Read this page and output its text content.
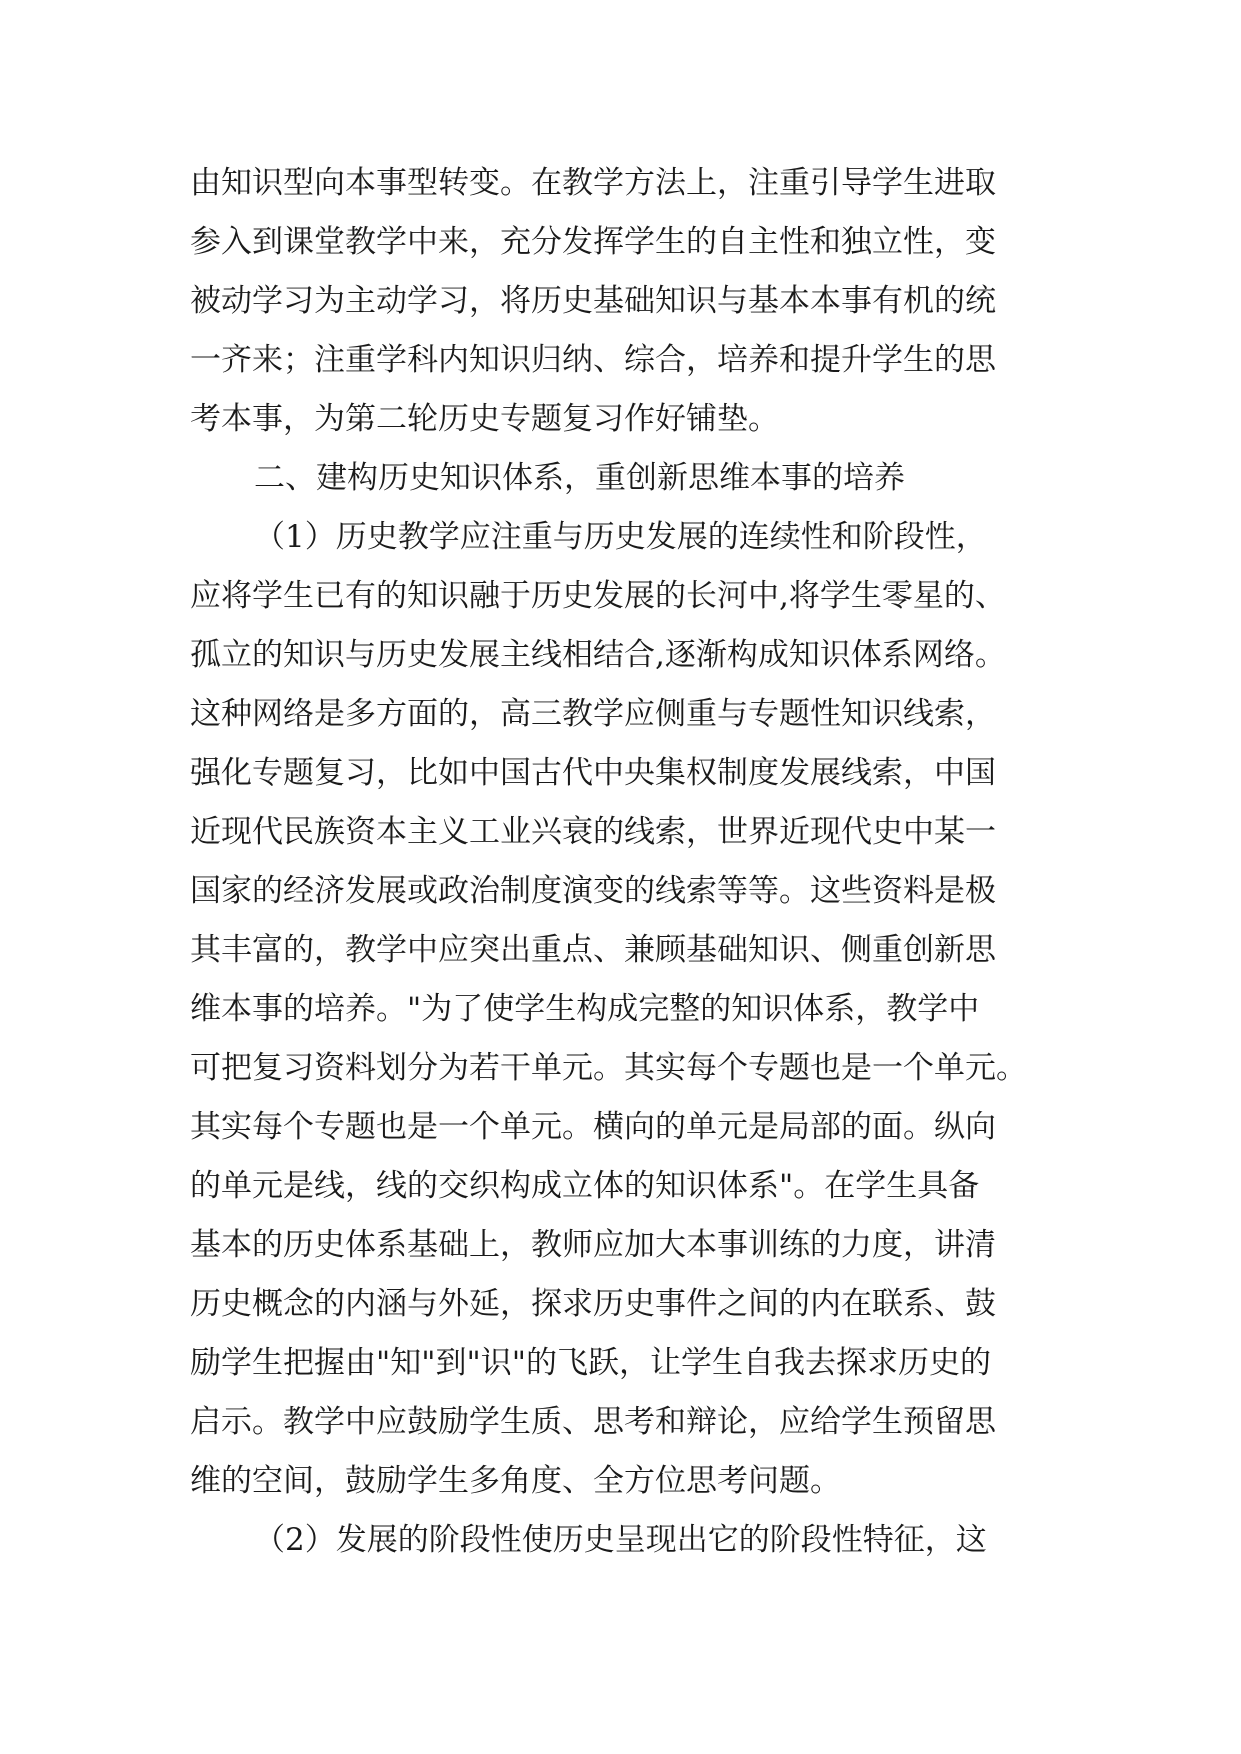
由知识型向本事型转变。在教学方法上，注重引导学生进取
参入到课堂教学中来，充分发挥学生的自主性和独立性，变
被动学习为主动学习，将历史基础知识与基本本事有机的统
一齐来；注重学科内知识归纳、综合，培养和提升学生的思
考本事，为第二轮历史专题复习作好铺垫。
二、建构历史知识体系，重创新思维本事的培养
（1）历史教学应注重与历史发展的连续性和阶段性，
应将学生已有的知识融于历史发展的长河中,将学生零星的、
孤立的知识与历史发展主线相结合,逐渐构成知识体系网络。
这种网络是多方面的，高三教学应侧重与专题性知识线索，
强化专题复习，比如中国古代中央集权制度发展线索，中国
近现代民族资本主义工业兴衰的线索，世界近现代史中某一
国家的经济发展或政治制度演变的线索等等。这些资料是极
其丰富的，教学中应突出重点、兼顾基础知识、侧重创新思
维本事的培养。"为了使学生构成完整的知识体系，教学中
可把复习资料划分为若干单元。其实每个专题也是一个单元。
其实每个专题也是一个单元。横向的单元是局部的面。纵向
的单元是线，线的交织构成立体的知识体系"。在学生具备
基本的历史体系基础上，教师应加大本事训练的力度，讲清
历史概念的内涵与外延，探求历史事件之间的内在联系、鼓
励学生把握由"知"到"识"的飞跃，让学生自我去探求历史的
启示。教学中应鼓励学生质、思考和辩论，应给学生预留思
维的空间，鼓励学生多角度、全方位思考问题。
（2）发展的阶段性使历史呈现出它的阶段性特征，这
